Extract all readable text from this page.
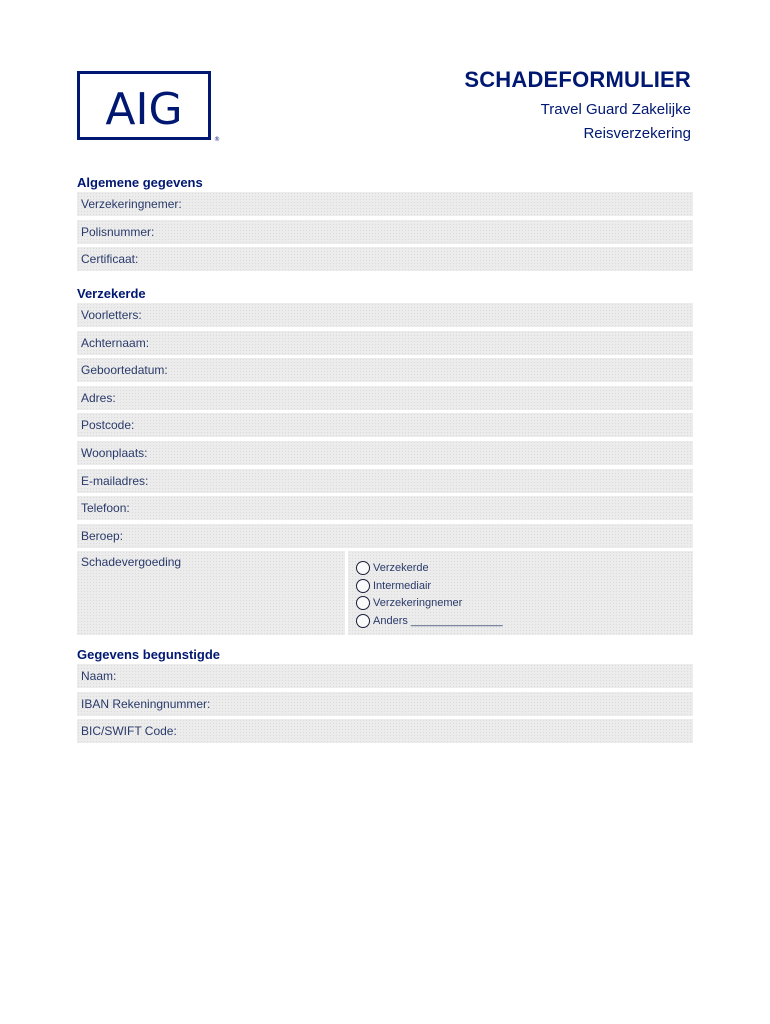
AIG
®
SCHADEFORMULIER
Travel Guard Zakelijke
Reisverzekering
Algemene gegevens
Verzekeringnemer:
Polisnummer:
Certificaat:
Verzekerde
Voorletters:
Achternaam:
Geboortedatum:
Adres:
Postcode:
Woonplaats:
E-mailadres:
Telefoon:
Beroep:
Schadevergoeding	Verzekerde
Intermediair
Verzekeringnemer
Anders _______________
Gegevens begunstigde
Naam:
IBAN Rekeningnummer:
BIC/SWIFT Code:
